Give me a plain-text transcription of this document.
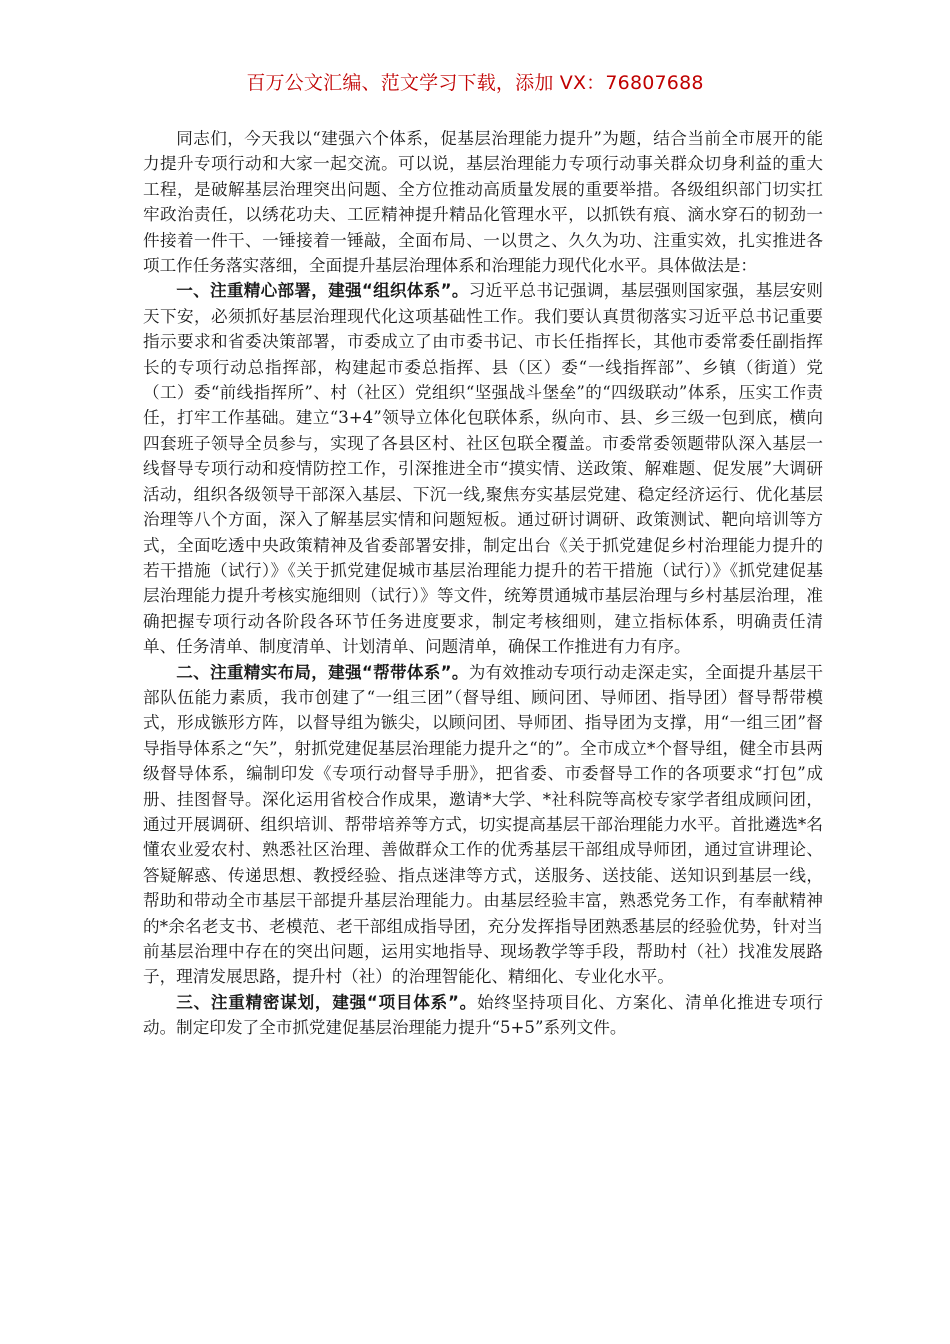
百万公文汇编、范文学习下载，添加 VX：76807688

同志们，今天我以“建强六个体系，促基层治理能力提升”为题，结合当前全市展开的能力提升专项行动和大家一起交流。可以说，基层治理能力专项行动事关群众切身利益的重大工程，是破解基层治理突出问题、全方位推动高质量发展的重要举措。各级组织部门切实扛牢政治责任，以绣花功夫、工匠精神提升精品化管理水平，以抓铁有痕、滴水穿石的韧劲一件接着一件干、一锤接着一锤敲，全面布局、一以贯之、久久为功、注重实效，扎实推进各项工作任务落实落细，全面提升基层治理体系和治理能力现代化水平。具体做法是：

一、注重精心部署，建强“组织体系”。习近平总书记强调，基层强则国家强，基层安则天下安，必须抓好基层治理现代化这项基础性工作。我们要认真贯彻落实习近平总书记重要指示要求和省委决策部署，市委成立了由市委书记、市长任指挥长，其他市委常委任副指挥长的专项行动总指挥部，构建起市委总指挥、县（区）委“一线指挥部”、乡镇（街道）党（工）委“前线指挥所”、村（社区）党组织“坚强战斗堡垒”的“四级联动”体系，压实工作责任，打牢工作基础。建立“3+4”领导立体化包联体系，纵向市、县、乡三级一包到底，横向四套班子领导全员参与，实现了各县区村、社区包联全覆盖。市委常委领题带队深入基层一线督导专项行动和疫情防控工作，引深推进全市“摸实情、送政策、解难题、促发展”大调研活动，组织各级领导干部深入基层、下沉一线,聚焦夯实基层党建、稳定经济运行、优化基层治理等八个方面，深入了解基层实情和问题短板。通过研讨调研、政策测试、靶向培训等方式，全面吃透中央政策精神及省委部署安排，制定出台《关于抓党建促乡村治理能力提升的若干措施（试行）》《关于抓党建促城市基层治理能力提升的若干措施（试行）》《抓党建促基层治理能力提升考核实施细则（试行）》等文件，统筹贯通城市基层治理与乡村基层治理，准确把握专项行动各阶段各环节任务进度要求，制定考核细则，建立指标体系，明确责任清单、任务清单、制度清单、计划清单、问题清单，确保工作推进有力有序。

二、注重精实布局，建强“帮带体系”。为有效推动专项行动走深走实，全面提升基层干部队伍能力素质，我市创建了“一组三团”（督导组、顾问团、导师团、指导团）督导帮带模式，形成镞形方阵，以督导组为镞尖，以顾问团、导师团、指导团为支撑，用“一组三团”督导指导体系之“矢”，射抓党建促基层治理能力提升之“的”。全市成立*个督导组，健全市县两级督导体系，编制印发《专项行动督导手册》，把省委、市委督导工作的各项要求“打包”成册、挂图督导。深化运用省校合作成果，邀请*大学、*社科院等高校专家学者组成顾问团，通过开展调研、组织培训、帮带培养等方式，切实提高基层干部治理能力水平。首批遴选*名懂农业爱农村、熟悉社区治理、善做群众工作的优秀基层干部组成导师团，通过宣讲理论、答疑解惑、传递思想、教授经验、指点迷津等方式，送服务、送技能、送知识到基层一线，帮助和带动全市基层干部提升基层治理能力。由基层经验丰富，熟悉党务工作，有奉献精神的*余名老支书、老模范、老干部组成指导团，充分发挥指导团熟悉基层的经验优势，针对当前基层治理中存在的突出问题，运用实地指导、现场教学等手段，帮助村（社）找准发展路子，理清发展思路，提升村（社）的治理智能化、精细化、专业化水平。

三、注重精密谋划，建强“项目体系”。始终坚持项目化、方案化、清单化推进专项行动。制定印发了全市抓党建促基层治理能力提升“5+5”系列文件。
